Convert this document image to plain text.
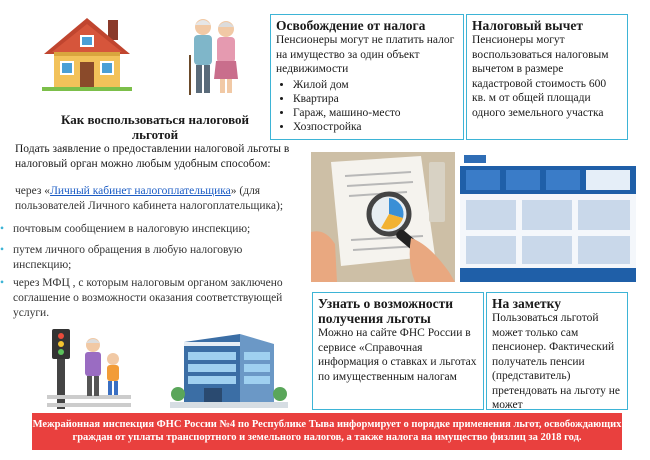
Как воспользоваться налоговой льготой
Подать заявление о предоставлении налоговой льготы в налоговый орган можно любым удобным способом:
через «Личный кабинет налогоплательщика» (для пользователей Личного кабинета налогоплательщика);
• почтовым сообщением в налоговую инспекцию;
• путем личного обращения в любую налоговую инспекцию;
• через МФЦ , с которым налоговым органом заключено соглашение о возможности оказания соответствующей услуги.
Освобождение от налога

Пенсионеры могут не платить налог на имущество за один объект недвижимости

• Жилой дом
• Квартира
• Гараж, машино-место
• Хозпостройка
Налоговый вычет

Пенсионеры могут воспользоваться налоговым вычетом в размере кадастровой стоимость 600 кв. м от общей площади одного земельного участка

Узнать о возможности получения льготы

Можно на сайте ФНС России в сервисе «Справочная информация о ставках и льготах по имущественным налогам

На заметку

Пользоваться льготой может только сам пенсионер. Фактический получатель пенсии (представитель) претендовать на льготу не может

Межрайонная инспекция ФНС России №4 по Республике Тыва информирует о порядке применения льгот, освобождающих граждан от уплаты транспортного и земельного налогов, а также налога на имущество физлиц за 2018 год.
